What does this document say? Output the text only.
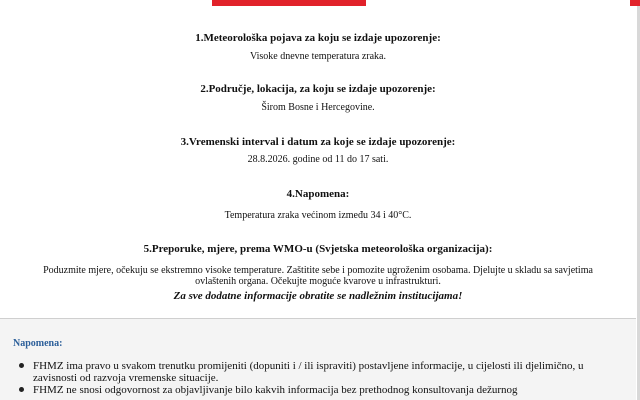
1.Meteorološka pojava za koju se izdaje upozorenje:
Visoke dnevne temperatura zraka.
2.Područje, lokacija, za koju se izdaje upozorenje:
Širom Bosne i Hercegovine.
3.Vremenski interval i datum za koje se izdaje upozorenje:
28.8.2026. godine od 11 do 17 sati.
4.Napomena:
Temperatura zraka većinom između 34 i 40°C.
5.Preporuke, mjere, prema WMO-u (Svjetska meteorološka organizacija):
Poduzmite mjere, očekuju se ekstremno visoke temperature. Zaštitite sebe i pomozite ugroženim osobama. Djelujte u skladu sa savjetima ovlaštenih organa. Očekujte moguće kvarove u infrastrukturi.
Za sve dodatne informacije obratite se nadležnim institucijama!
Napomena:
FHMZ ima pravo u svakom trenutku promijeniti (dopuniti i / ili ispraviti) postavljene informacije, u cijelosti ili djelimično, u zavisnosti od razvoja vremenske situacije.
FHMZ ne snosi odgovornost za objavljivanje bilo kakvih informacija bez prethodnog konsultovanja dežurnog
